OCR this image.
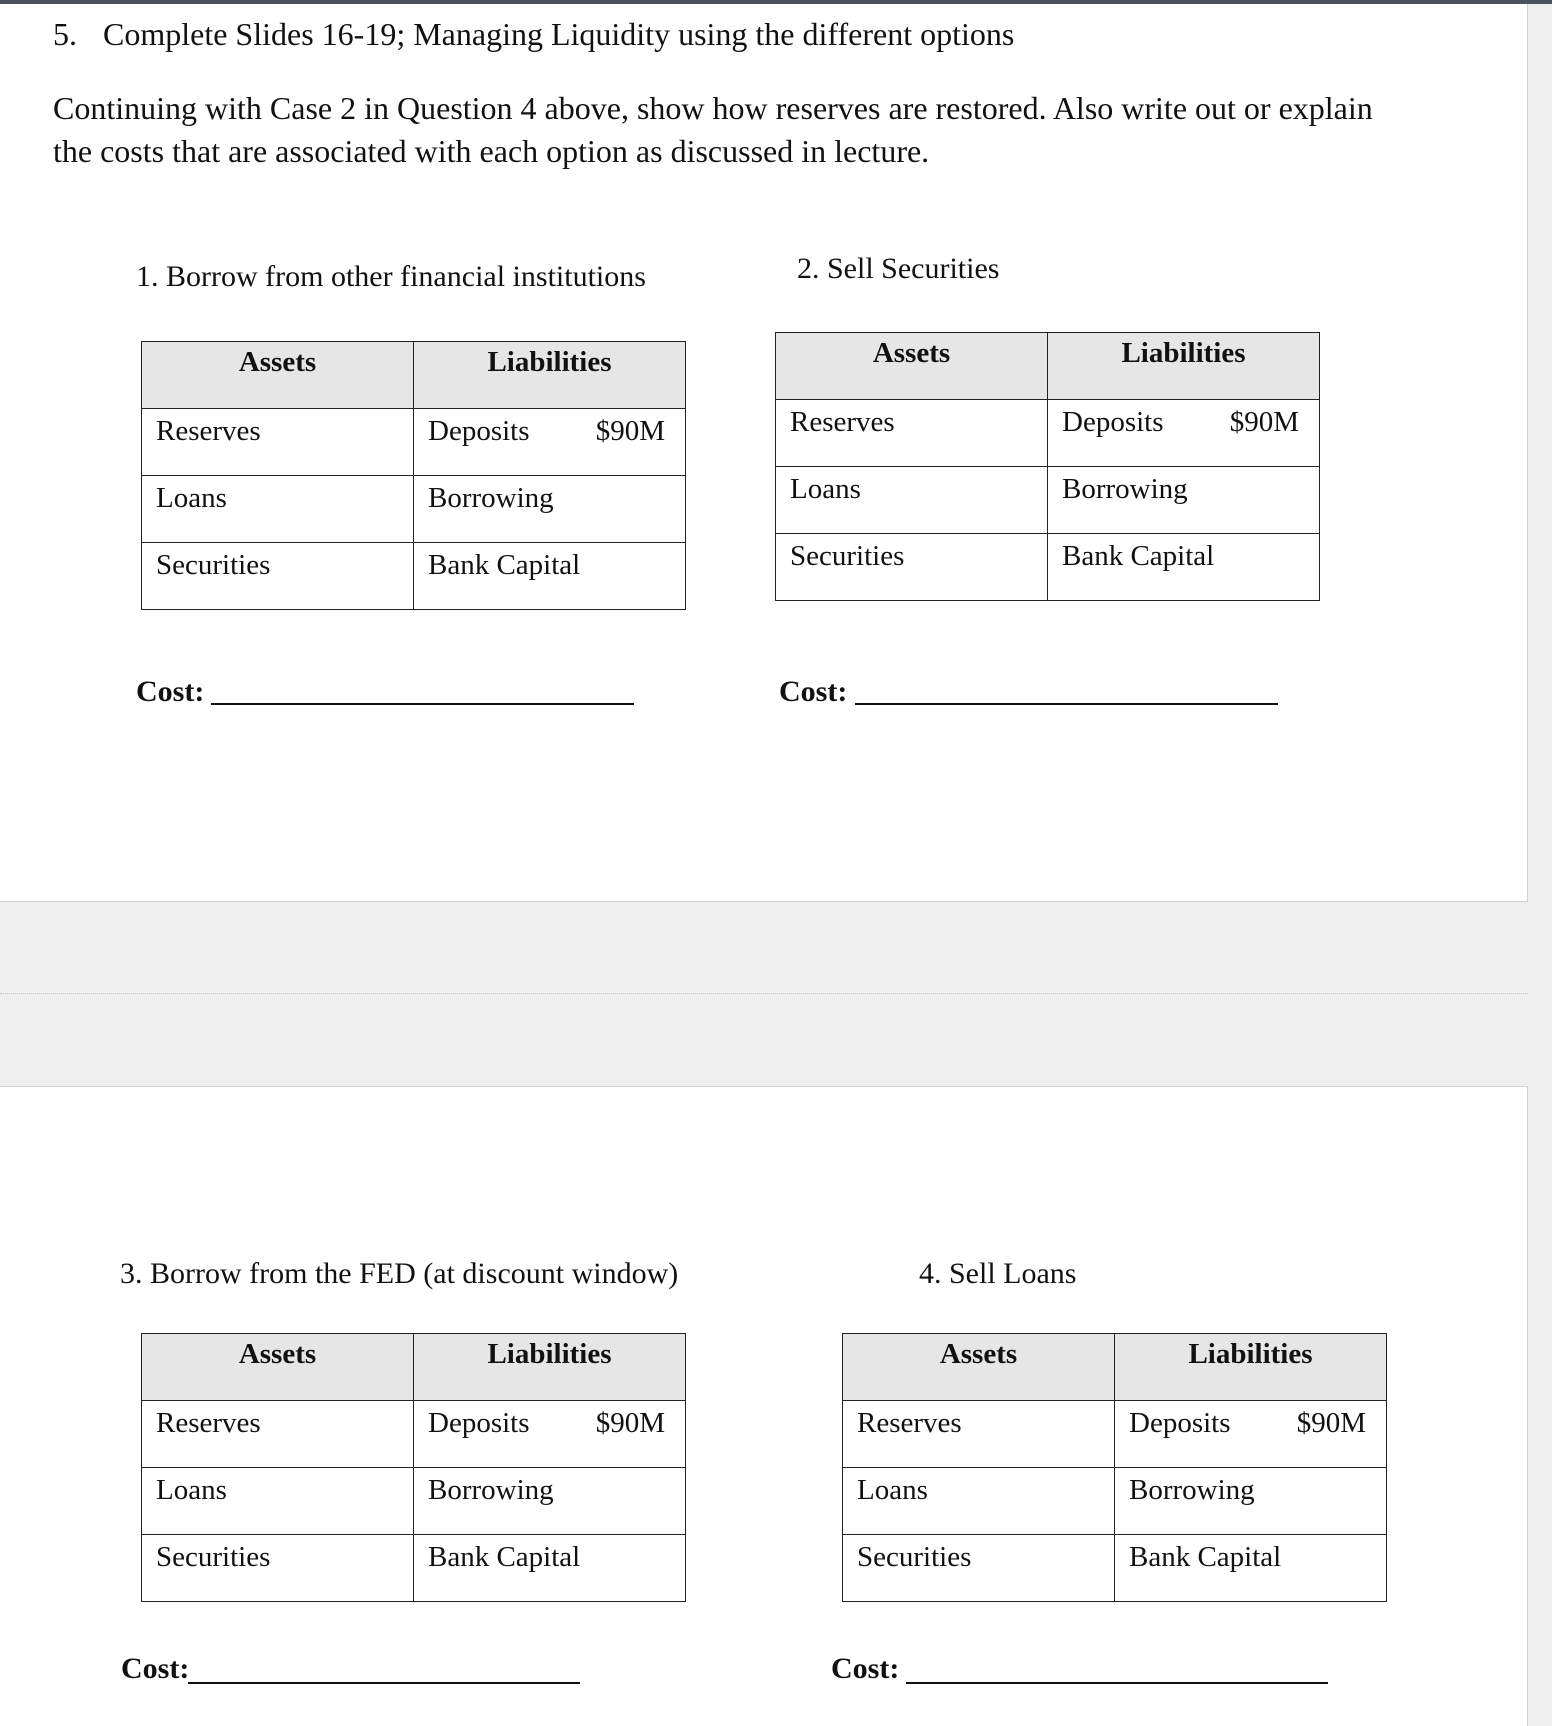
5. Complete Slides 16-19; Managing Liquidity using the different options
Continuing with Case 2 in Question 4 above, show how reserves are restored. Also write out or explain the costs that are associated with each option as discussed in lecture.
1. Borrow from other financial institutions
Assets	Liabilities
Reserves	Deposits $90M

Loans	Borrowing
Securities	Bank Capital
Cost:
2. Sell Securities
Assets	Liabilities
Reserves	Deposits $90M

Loans	Borrowing
Securities	Bank Capital
Cost:
3. Borrow from the FED (at discount window)
Assets	Liabilities
Reserves	Deposits $90M

Loans	Borrowing
Securities	Bank Capital
Cost:
4. Sell Loans
Assets	Liabilities
Reserves	Deposits $90M

Loans	Borrowing
Securities	Bank Capital
Cost:
